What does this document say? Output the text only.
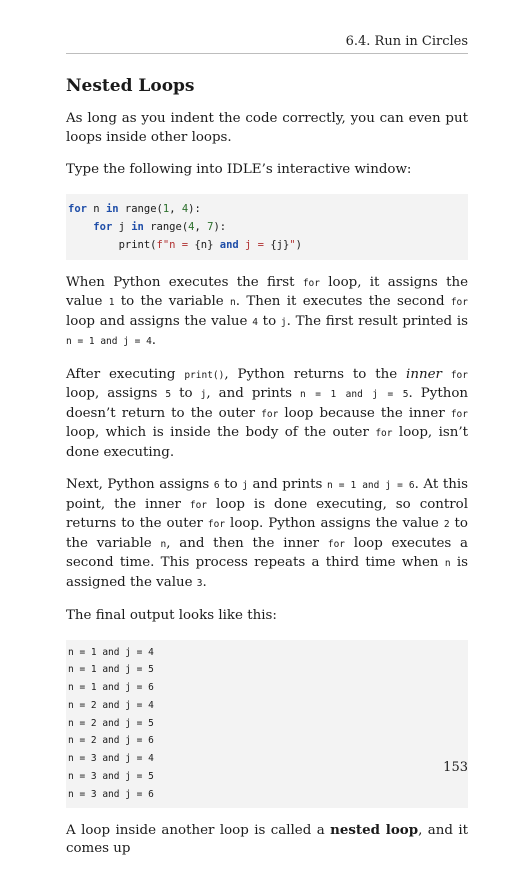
6.4. Run in Circles
Nested Loops

As long as you indent the code correctly, you can even put loops inside other loops.

Type the following into IDLE’s interactive window:

for n in range(1, 4):
for j in range(4, 7):
print(f"n = {n} and j = {j}")

When Python executes the first for loop, it assigns the value 1 to the variable n. Then it executes the second for loop and assigns the value 4 to j. The first result printed is n = 1 and j = 4.

After executing print(), Python returns to the inner for loop, assigns 5 to j, and prints n = 1 and j = 5. Python doesn’t return to the outer for loop because the inner for loop, which is inside the body of the outer for loop, isn’t done executing.

Next, Python assigns 6 to j and prints n = 1 and j = 6. At this point, the inner for loop is done executing, so control returns to the outer for loop. Python assigns the value 2 to the variable n, and then the inner for loop executes a second time. This process repeats a third time when n is assigned the value 3.

The final output looks like this:

n = 1 and j = 4
n = 1 and j = 5
n = 1 and j = 6
n = 2 and j = 4
n = 2 and j = 5
n = 2 and j = 6
n = 3 and j = 4
n = 3 and j = 5
n = 3 and j = 6

A loop inside another loop is called a nested loop, and it comes up

153
